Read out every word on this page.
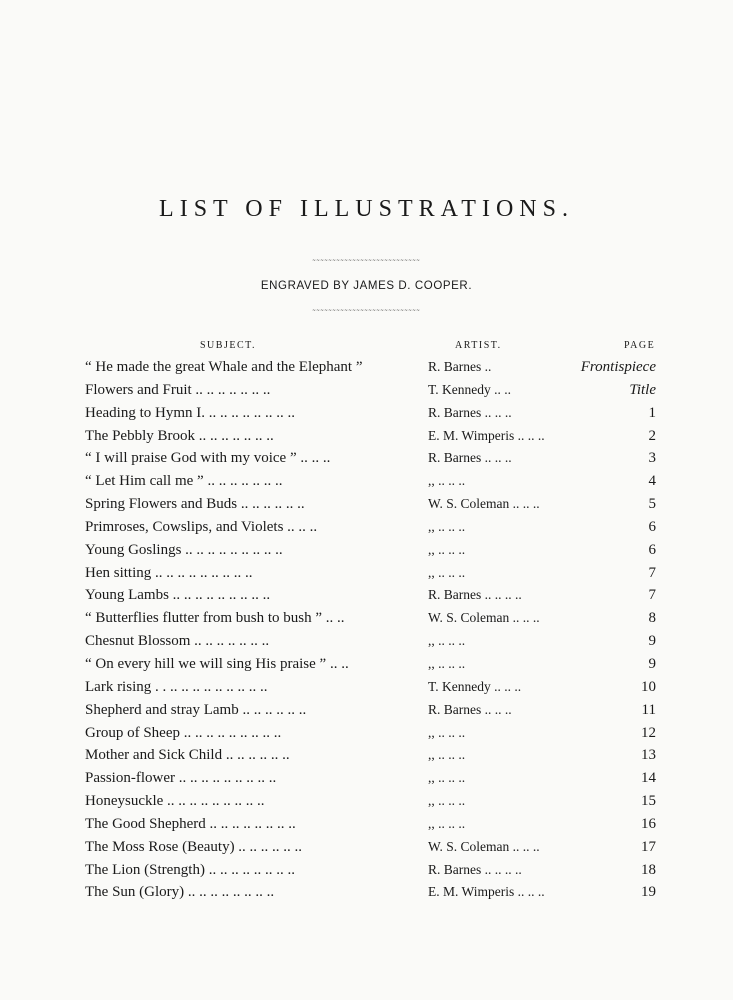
LIST OF ILLUSTRATIONS.
˜˜˜˜˜˜˜˜˜˜˜˜˜˜˜˜˜˜˜˜˜˜˜˜˜˜˜
ENGRAVED BY JAMES D. COOPER.
˜˜˜˜˜˜˜˜˜˜˜˜˜˜˜˜˜˜˜˜˜˜˜˜˜˜˜
SUBJECT.	ARTIST.	PAGE
“ He made the great Whale and the Elephant ”	R. Barnes ..	Frontispiece
Flowers and Fruit .. .. .. .. .. .. ..	T. Kennedy .. ..	Title
Heading to Hymn I. .. .. .. .. .. .. .. ..	R. Barnes .. .. ..	1
The Pebbly Brook .. .. .. .. .. .. ..	E. M. Wimperis .. .. ..	2
“ I will praise God with my voice ” .. .. ..	R. Barnes .. .. ..	3
“ Let Him call me ” .. .. .. .. .. .. ..	,, .. .. ..	4
Spring Flowers and Buds .. .. .. .. .. ..	W. S. Coleman .. .. ..	5
Primroses, Cowslips, and Violets .. .. ..	,, .. .. ..	6
Young Goslings .. .. .. .. .. .. .. .. ..	,, .. .. ..	6
Hen sitting .. .. .. .. .. .. .. .. ..	,, .. .. ..	7
Young Lambs .. .. .. .. .. .. .. .. ..	R. Barnes .. .. .. ..	7
“ Butterflies flutter from bush to bush ” .. ..	W. S. Coleman .. .. ..	8
Chesnut Blossom .. .. .. .. .. .. ..	,, .. .. ..	9
“ On every hill we will sing His praise ” .. ..	,, .. .. ..	9
Lark rising . . .. .. .. .. .. .. .. .. ..	T. Kennedy .. .. ..	10
Shepherd and stray Lamb .. .. .. .. .. ..	R. Barnes .. .. ..	11
Group of Sheep .. .. .. .. .. .. .. .. ..	,, .. .. ..	12
Mother and Sick Child .. .. .. .. .. ..	,, .. .. ..	13
Passion-flower .. .. .. .. .. .. .. .. ..	,, .. .. ..	14
Honeysuckle .. .. .. .. .. .. .. .. ..	,, .. .. ..	15
The Good Shepherd .. .. .. .. .. .. .. ..	,, .. .. ..	16
The Moss Rose (Beauty) .. .. .. .. .. ..	W. S. Coleman .. .. ..	17
The Lion (Strength) .. .. .. .. .. .. .. ..	R. Barnes .. .. .. ..	18
The Sun (Glory) .. .. .. .. .. .. .. ..	E. M. Wimperis .. .. ..	19
